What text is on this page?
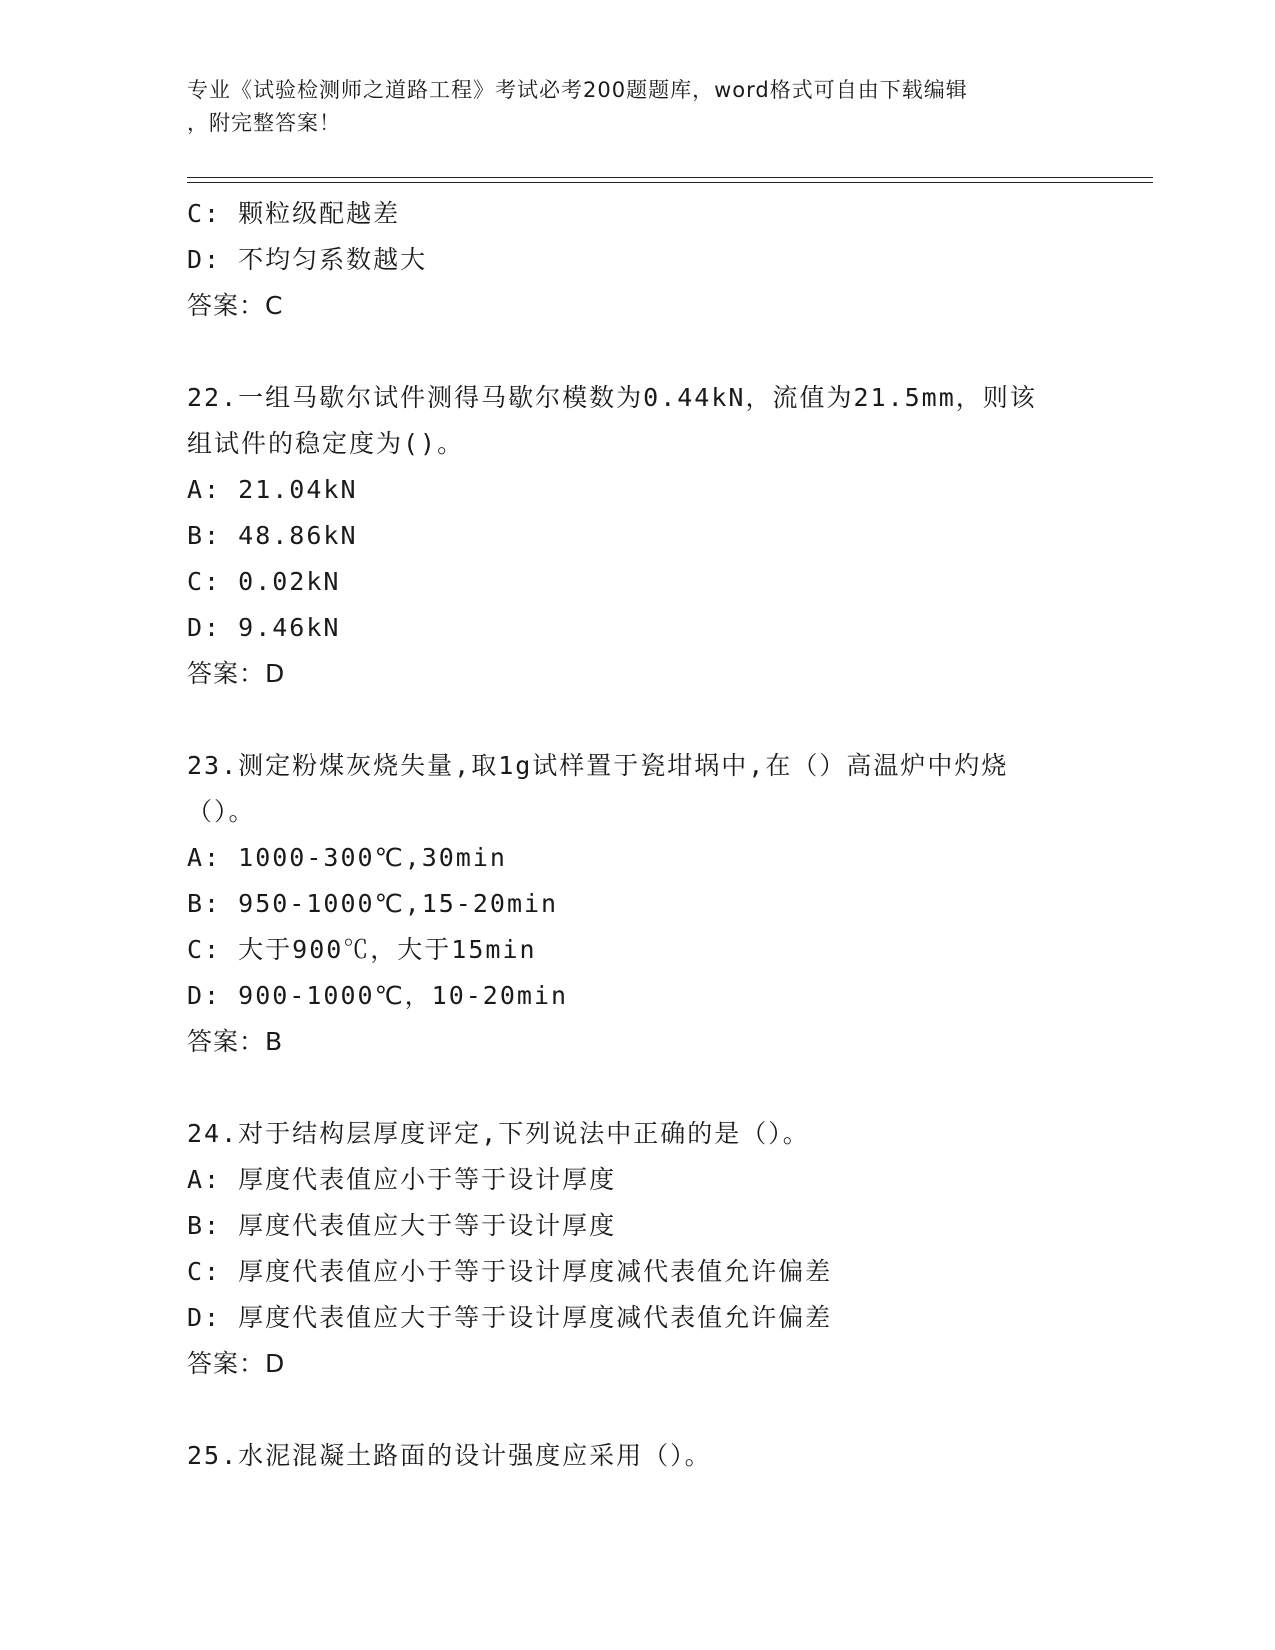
专业《试验检测师之道路工程》考试必考200题题库，word格式可自由下载编辑
，附完整答案！
C: 颗粒级配越差
D: 不均匀系数越大
答案：C
22.一组马歇尔试件测得马歇尔模数为0.44kN，流值为21.5mm，则该
组试件的稳定度为()。
A: 21.04kN
B: 48.86kN
C: 0.02kN
D: 9.46kN
答案：D
23.测定粉煤灰烧失量,取1g试样置于瓷坩埚中,在（）高温炉中灼烧
（）。
A: 1000-300℃,30min
B: 950-1000℃,15-20min
C: 大于900℃，大于15min
D: 900-1000℃，10-20min
答案：B
24.对于结构层厚度评定,下列说法中正确的是（）。
A: 厚度代表值应小于等于设计厚度
B: 厚度代表值应大于等于设计厚度
C: 厚度代表值应小于等于设计厚度减代表值允许偏差
D: 厚度代表值应大于等于设计厚度减代表值允许偏差
答案：D
25.水泥混凝土路面的设计强度应采用（）。
